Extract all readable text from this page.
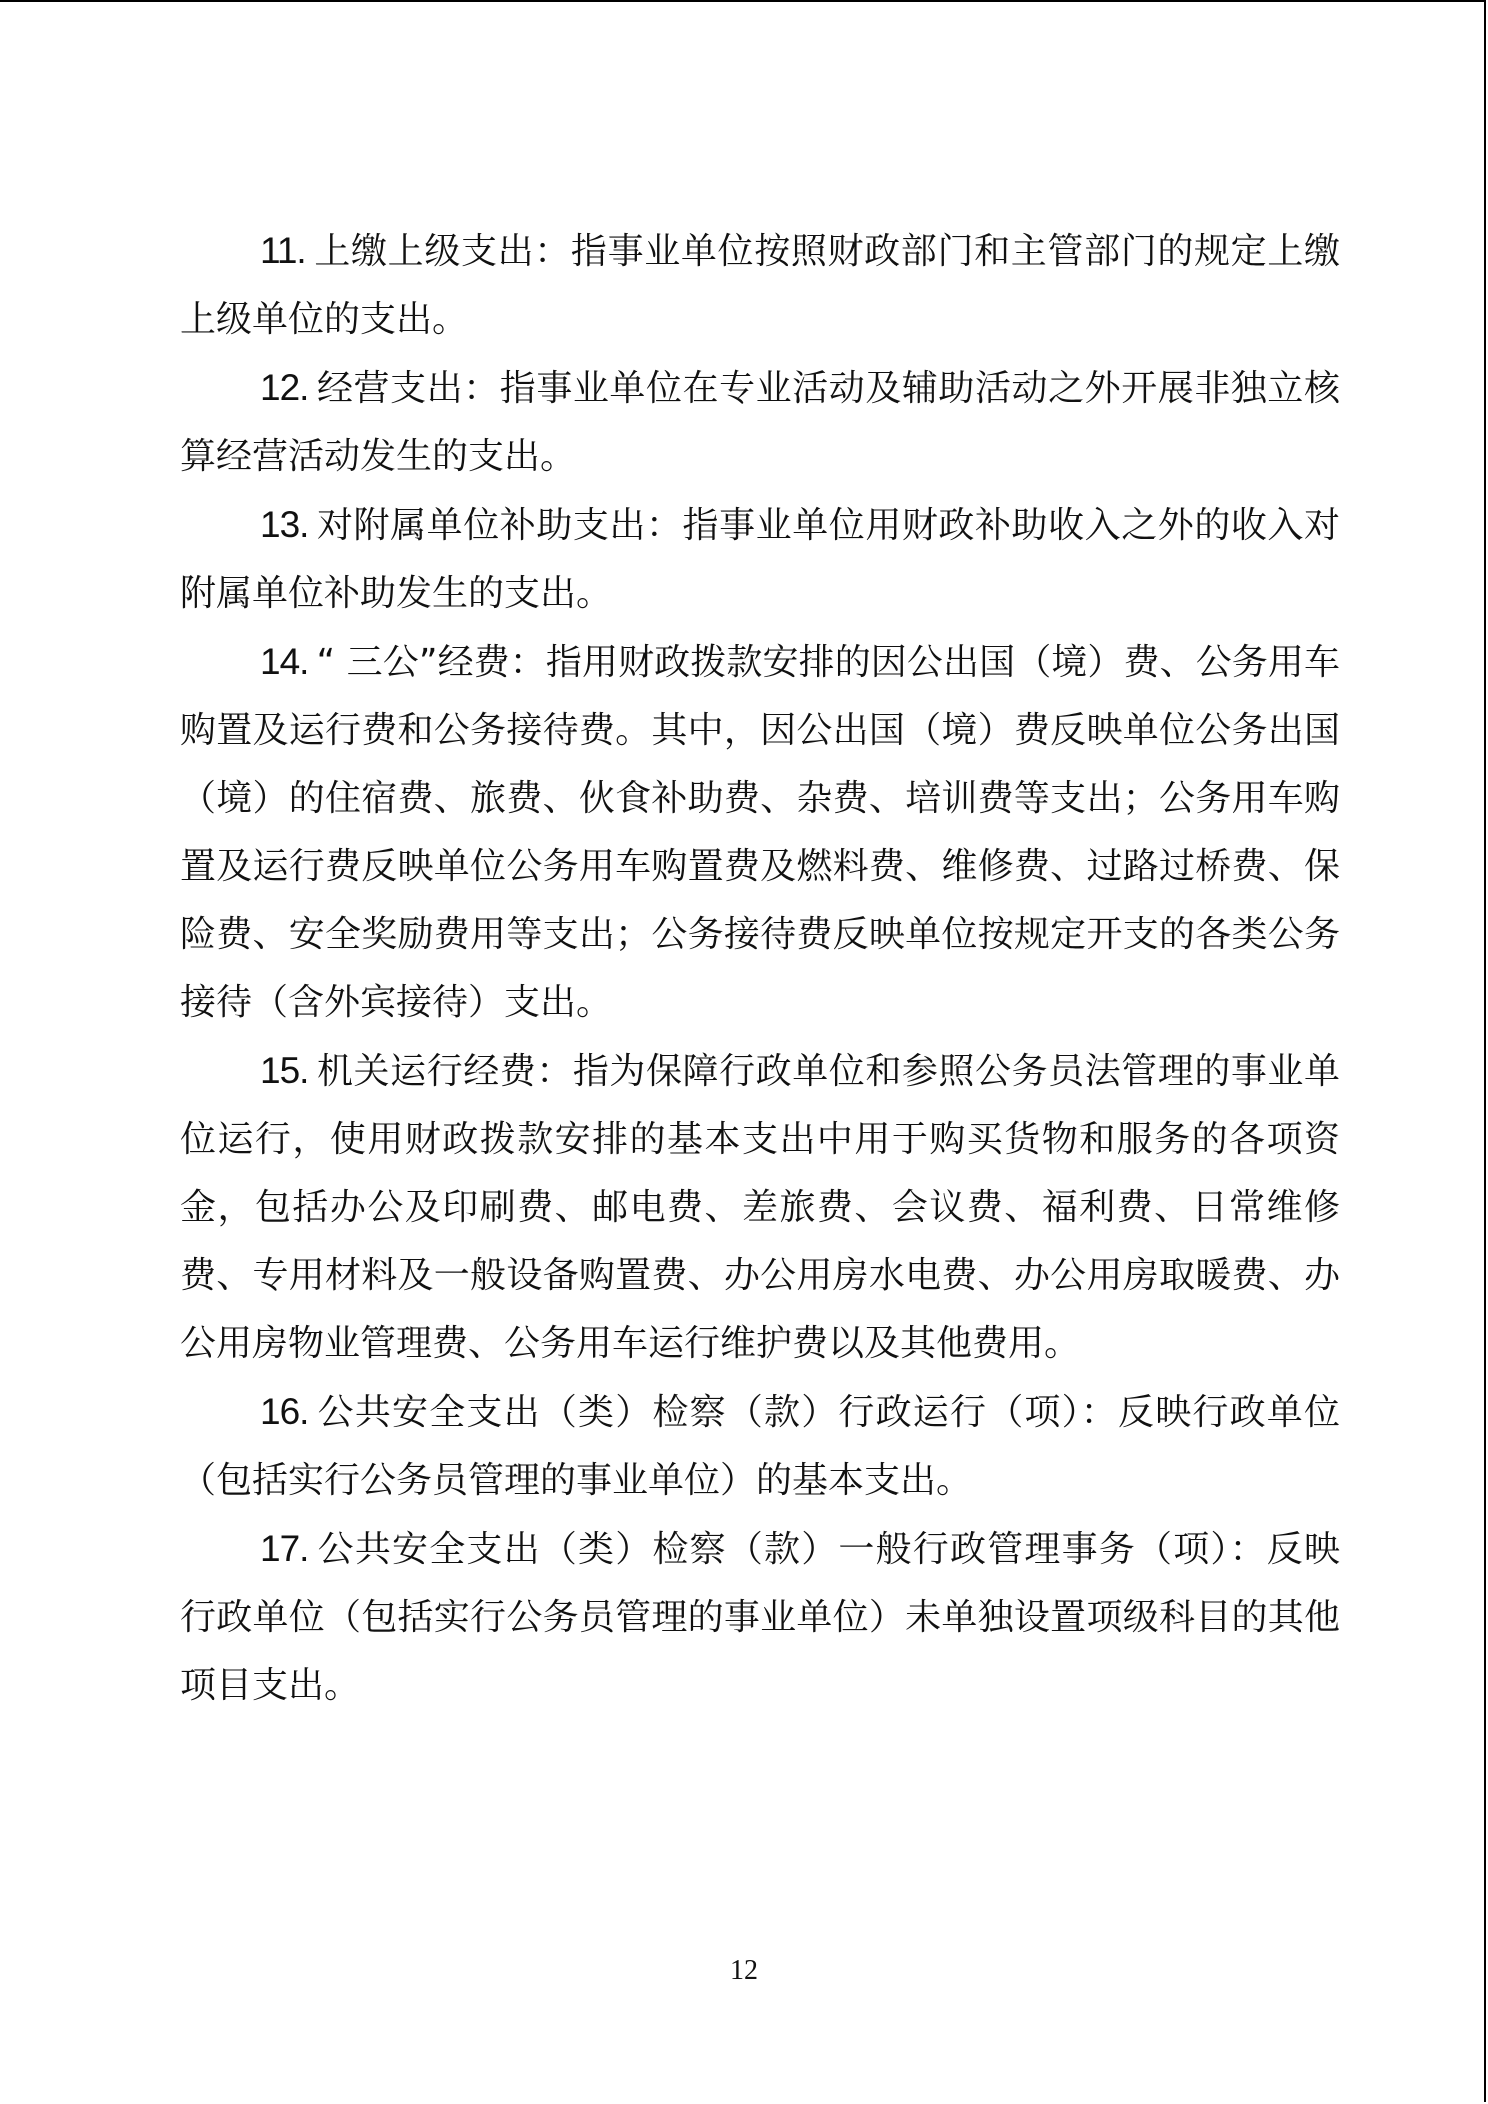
11. 上缴上级支出：指事业单位按照财政部门和主管部门的规定上缴上级单位的支出。

12. 经营支出：指事业单位在专业活动及辅助活动之外开展非独立核算经营活动发生的支出。

13. 对附属单位补助支出：指事业单位用财政补助收入之外的收入对附属单位补助发生的支出。

14. “ 三公”经费：指用财政拨款安排的因公出国（境）费、公务用车购置及运行费和公务接待费。其中，因公出国（境）费反映单位公务出国（境）的住宿费、旅费、伙食补助费、杂费、培训费等支出；公务用车购置及运行费反映单位公务用车购置费及燃料费、维修费、过路过桥费、保险费、安全奖励费用等支出；公务接待费反映单位按规定开支的各类公务接待（含外宾接待）支出。

15. 机关运行经费：指为保障行政单位和参照公务员法管理的事业单位运行，使用财政拨款安排的基本支出中用于购买货物和服务的各项资金，包括办公及印刷费、邮电费、差旅费、会议费、福利费、日常维修费、专用材料及一般设备购置费、办公用房水电费、办公用房取暖费、办公用房物业管理费、公务用车运行维护费以及其他费用。

16. 公共安全支出（类）检察（款）行政运行（项）：反映行政单位（包括实行公务员管理的事业单位）的基本支出。

17. 公共安全支出（类）检察（款）一般行政管理事务（项）：反映行政单位（包括实行公务员管理的事业单位）未单独设置项级科目的其他项目支出。

12
